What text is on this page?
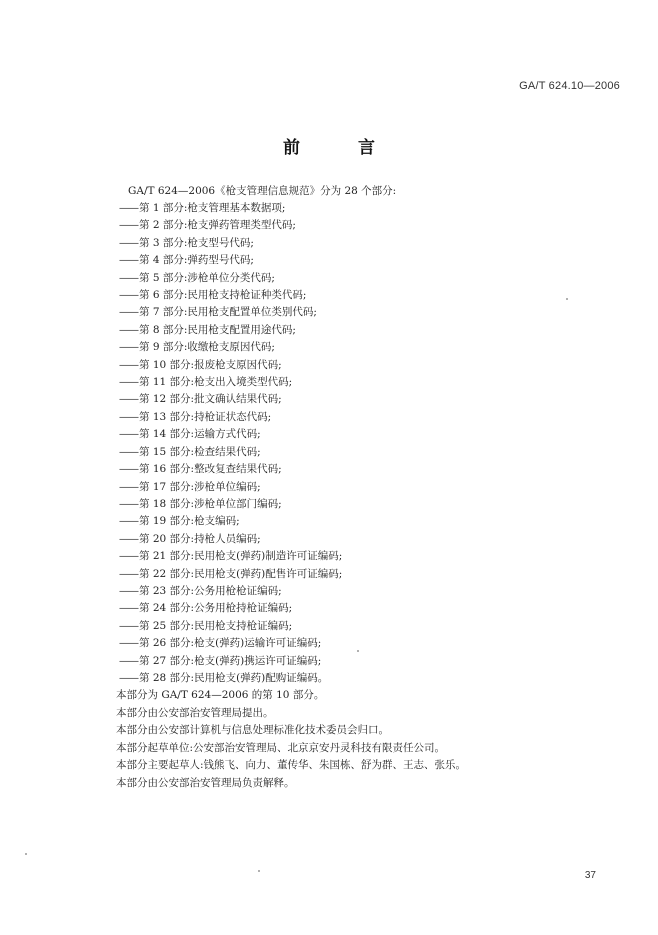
GA/T 624.10—2006
前 言
GA/T 624—2006《枪支管理信息规范》分为 28 个部分:
——第 1 部分:枪支管理基本数据项;
——第 2 部分:枪支弹药管理类型代码;
——第 3 部分:枪支型号代码;
——第 4 部分:弹药型号代码;
——第 5 部分:涉枪单位分类代码;
——第 6 部分:民用枪支持枪证种类代码;
——第 7 部分:民用枪支配置单位类别代码;
——第 8 部分:民用枪支配置用途代码;
——第 9 部分:收缴枪支原因代码;
——第 10 部分:报废枪支原因代码;
——第 11 部分:枪支出入境类型代码;
——第 12 部分:批文确认结果代码;
——第 13 部分:持枪证状态代码;
——第 14 部分:运输方式代码;
——第 15 部分:检查结果代码;
——第 16 部分:整改复查结果代码;
——第 17 部分:涉枪单位编码;
——第 18 部分:涉枪单位部门编码;
——第 19 部分:枪支编码;
——第 20 部分:持枪人员编码;
——第 21 部分:民用枪支(弹药)制造许可证编码;
——第 22 部分:民用枪支(弹药)配售许可证编码;
——第 23 部分:公务用枪枪证编码;
——第 24 部分:公务用枪持枪证编码;
——第 25 部分:民用枪支持枪证编码;
——第 26 部分:枪支(弹药)运输许可证编码;
——第 27 部分:枪支(弹药)携运许可证编码;
——第 28 部分:民用枪支(弹药)配购证编码。
本部分为 GA/T 624—2006 的第 10 部分。
本部分由公安部治安管理局提出。
本部分由公安部计算机与信息处理标准化技术委员会归口。
本部分起草单位:公安部治安管理局、北京京安丹灵科技有限责任公司。
本部分主要起草人:钱熊飞、向力、董传华、朱国栋、舒为群、王志、张乐。
本部分由公安部治安管理局负责解释。
37
